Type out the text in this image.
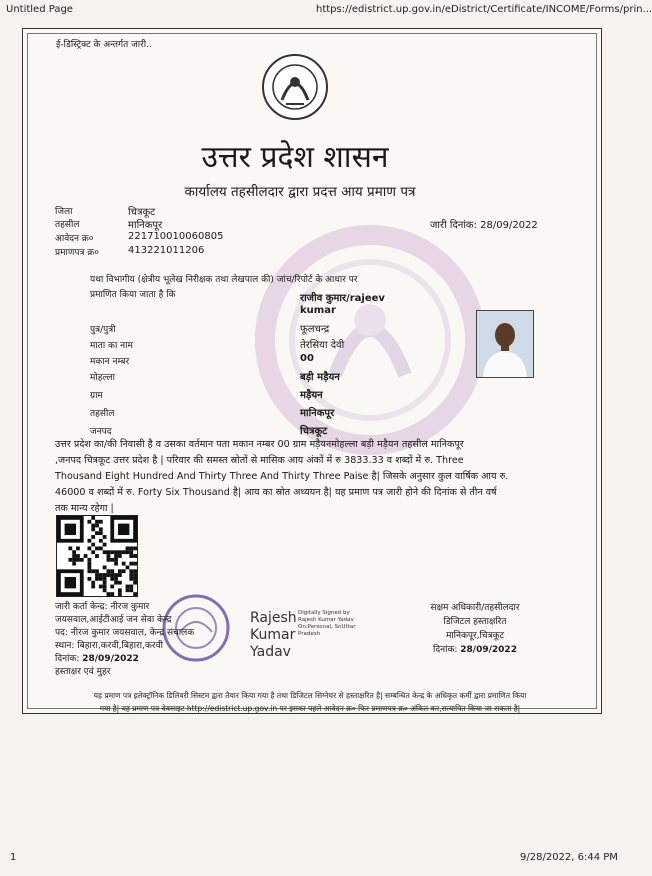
Untitled Page	https://edistrict.up.gov.in/eDistrict/Certificate/INCOME/Forms/prin...
1	9/28/2022, 6:44 PM
ई-डिस्ट्रिक्ट के अन्तर्गत जारी..
उत्तर प्रदेश शासन
कार्यालय तहसीलदार द्वारा प्रदत्त आय प्रमाण पत्र
जिला	चित्रकूट
तहसील	मानिकपूर
आवेदन क्र०	221710010060805
प्रमाणपत्र क्र०	413221011206
जारी दिनांक: 28/09/2022
यथा विभागीय (क्षेत्रीय भूलेख निरीक्षक तथा लेखपाल की) जांच/रिपोर्ट के आधार पर
प्रमाणित किया जाता है कि	राजीव कुमार/rajeev
kumar
पुत्र/पुत्री	फूलचन्द्र
माता का नाम	तेरसिया देवी
मकान नम्बर	00
मोहल्ला	बड़ी मड़ैयन
ग्राम	मड़ैयन
तहसील	मानिकपूर
जनपद	चित्रकूट
उत्तर प्रदेश का/की निवासी है व उसका वर्तमान पता मकान नम्बर 00 ग्राम मड़ैयनमोहल्ला बड़ी मड़ैयन तहसील मानिकपूर
,जनपद चित्रकूट उत्तर प्रदेश है | परिवार की समस्त स्रोतों से मासिक आय अंकों में रु 3833.33 व शब्दों में रु. Three
Thousand Eight Hundred And Thirty Three And Thirty Three Paise है| जिसके अनुसार कुल वार्षिक आय रु.
46000 व शब्दों में रु. Forty Six Thousand है| आय का स्रोत अध्ययन है| यह प्रमाण पत्र जारी होने की दिनांक से तीन वर्ष
तक मान्य रहेगा |
जारी कर्ता केन्द्र: नीरज कुमार
जयसवाल,आईटीआई जन सेवा केन्द्र
पद: नीरज कुमार जयसवाल, केन्द्र संचालक
स्थान: बिहारा,करवी,बिहारा,करवी
दिनांक: 28/09/2022
हस्ताक्षर एवं मुहर
Rajesh
Kumar
Yadav
Digitally Signed by
Rajesh Kumar Yadav
On:Personal, SnUttar
Pradesh
सक्षम अधिकारी/तहसीलदार
डिजिटल हस्ताक्षरित
मानिकपूर,चित्रकूट
दिनांक: 28/09/2022
यह प्रमाण पत्र इलेक्ट्रॉनिक डिलिवरी सिस्टम द्वारा तैयार किया गया है तथा डिजिटल सिग्नेचर से हस्ताक्षरित है| सम्बन्धित केन्द्र के अधिकृत कर्मी द्वारा प्रमाणित किया
गया है| यह प्रमाण पत्र वेबसाइट http://edistrict.up.gov.in पर इसका पहले आवेदन क्र० फिर प्रमाणपत्र क्र० अंकित कर,सत्यापित किया जा सकता है|
